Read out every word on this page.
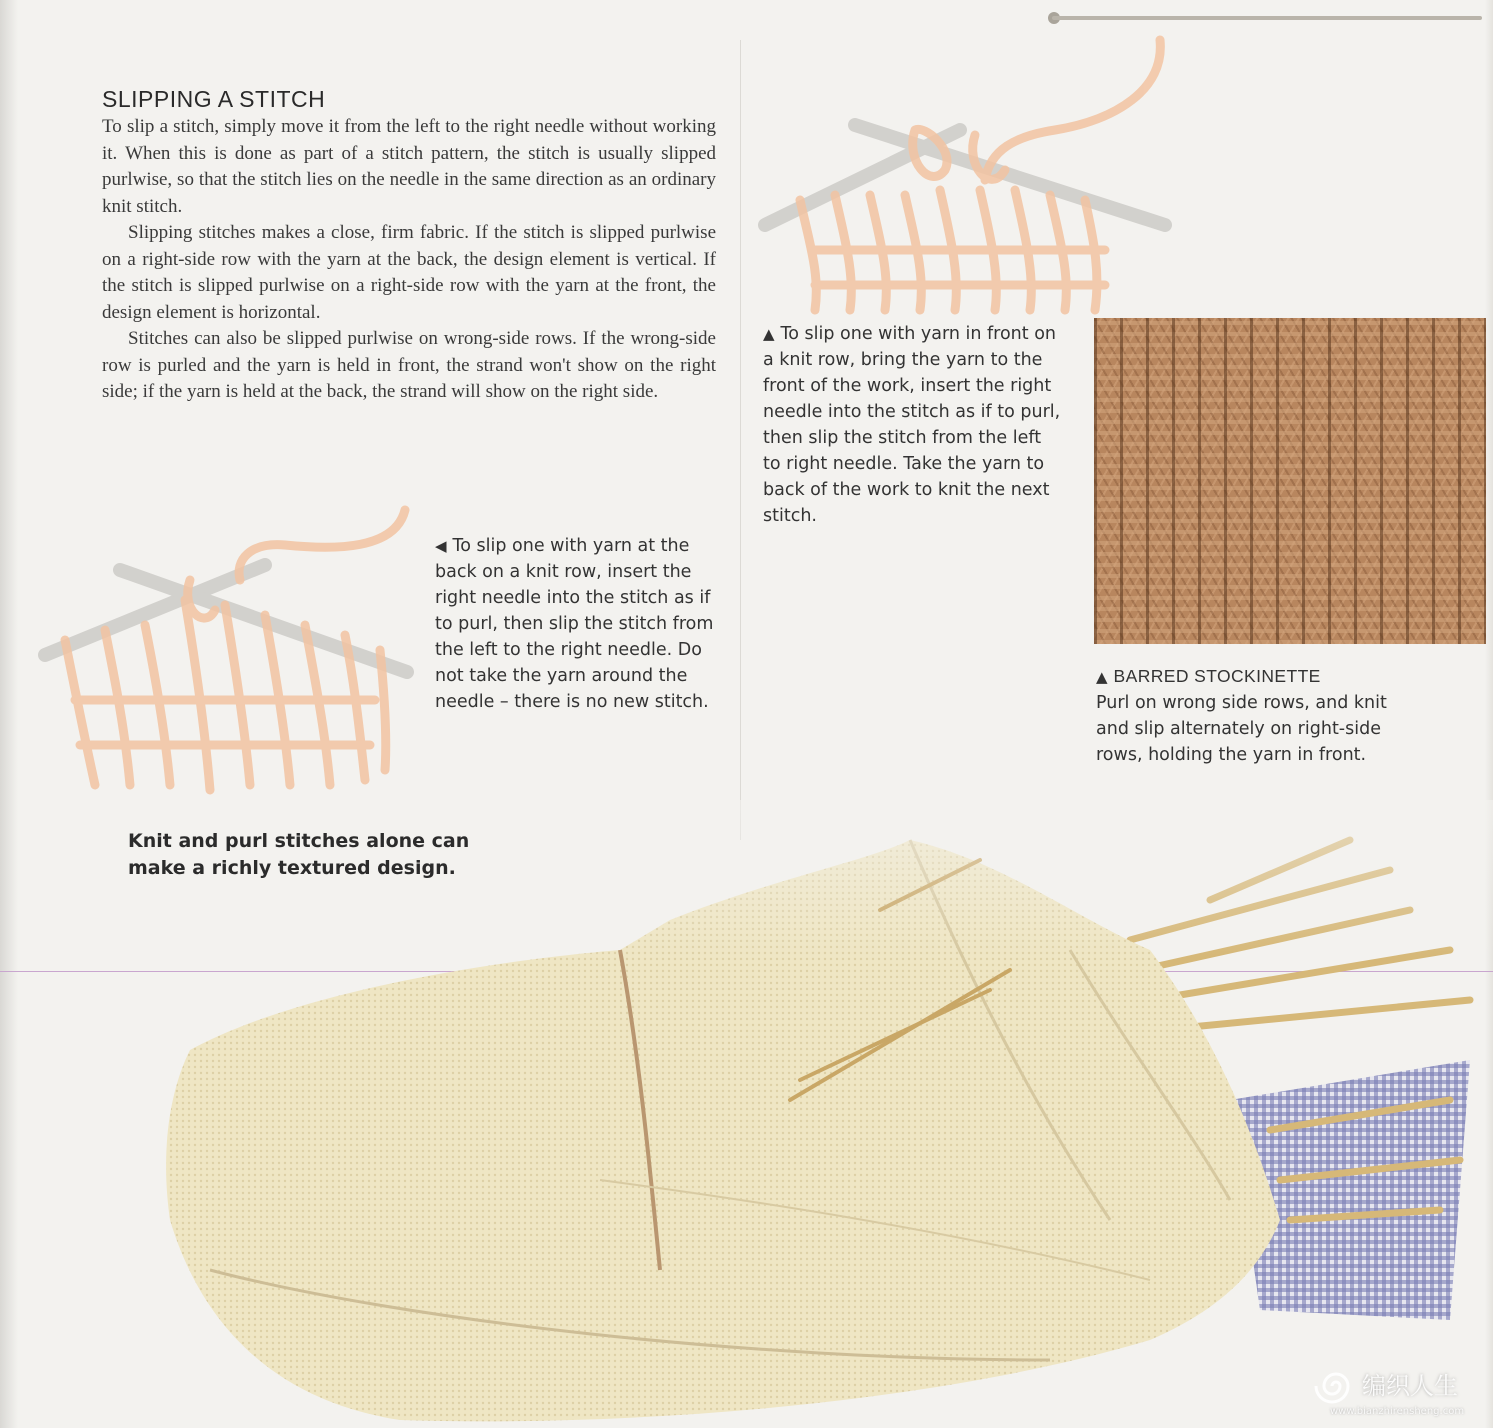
SLIPPING A STITCH

To slip a stitch, simply move it from the left to the right needle without working it. When this is done as part of a stitch pattern, the stitch is usually slipped purlwise, so that the stitch lies on the needle in the same direction as an ordinary knit stitch.

Slipping stitches makes a close, firm fabric. If the stitch is slipped purlwise on a right-side row with the yarn at the back, the design element is vertical. If the stitch is slipped purlwise on a right-side row with the yarn at the front, the design element is horizontal.

Stitches can also be slipped purlwise on wrong-side rows. If the wrong-side row is purled and the yarn is held in front, the strand won't show on the right side; if the yarn is held at the back, the strand will show on the right side.

◀ To slip one with yarn at the back on a knit row, insert the right needle into the stitch as if to purl, then slip the stitch from the left to the right needle. Do not take the yarn around the needle – there is no new stitch.
▲ To slip one with yarn in front on a knit row, bring the yarn to the front of the work, insert the right needle into the stitch as if to purl, then slip the stitch from the left to right needle. Take the yarn to back of the work to knit the next stitch.
▲ BARRED STOCKINETTE
Purl on wrong side rows, and knit and slip alternately on right-side rows, holding the yarn in front.
Knit and purl stitches alone can make a richly textured design.
编织人生
www.bianzhirensheng.com
